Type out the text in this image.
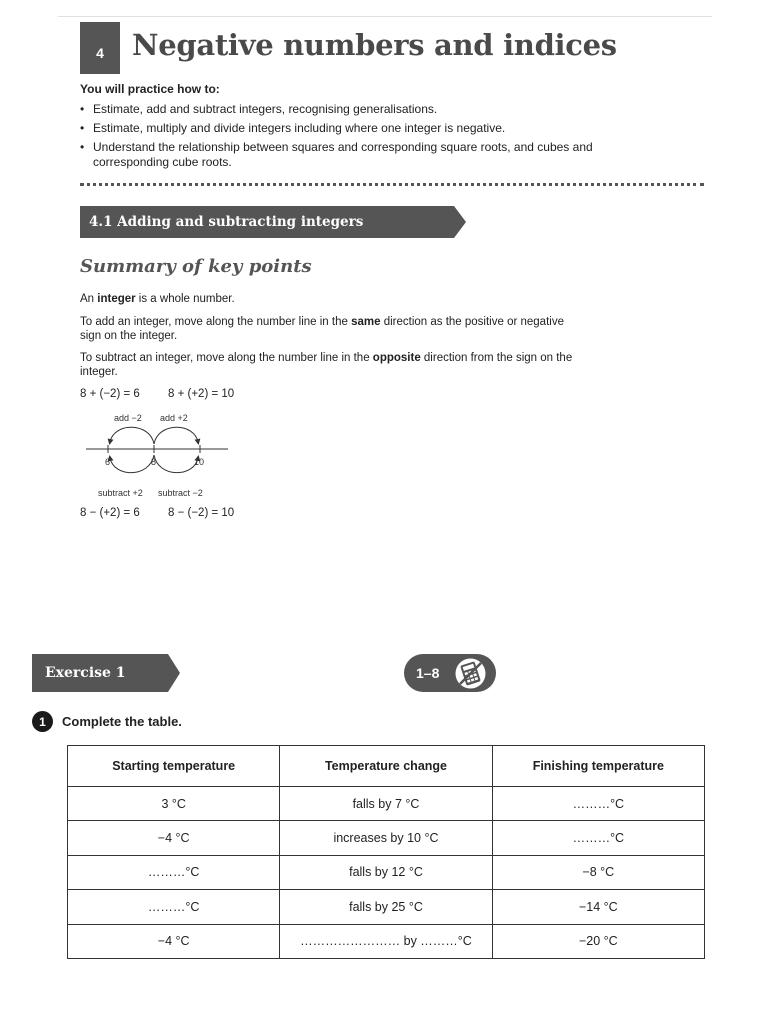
4 Negative numbers and indices
You will practice how to:
• Estimate, add and subtract integers, recognising generalisations.
• Estimate, multiply and divide integers including where one integer is negative.
• Understand the relationship between squares and corresponding square roots, and cubes and corresponding cube roots.
4.1 Adding and subtracting integers
Summary of key points

An integer is a whole number.

To add an integer, move along the number line in the same direction as the positive or negative sign on the integer.

To subtract an integer, move along the number line in the opposite direction from the sign on the integer.

8 + (−2) = 6 8 + (+2) = 10
add −2 add +2
6	8	10
subtract +2 subtract −2
8 − (+2) = 6 8 − (−2) = 10
Exercise 1	1–8
1 Complete the table.
Starting temperature	Temperature change	Finishing temperature
3 °C	falls by 7 °C	………°C
−4 °C	increases by 10 °C	………°C
………°C	falls by 12 °C	−8 °C
………°C	falls by 25 °C	−14 °C
−4 °C	…………………… by ………°C	−20 °C
